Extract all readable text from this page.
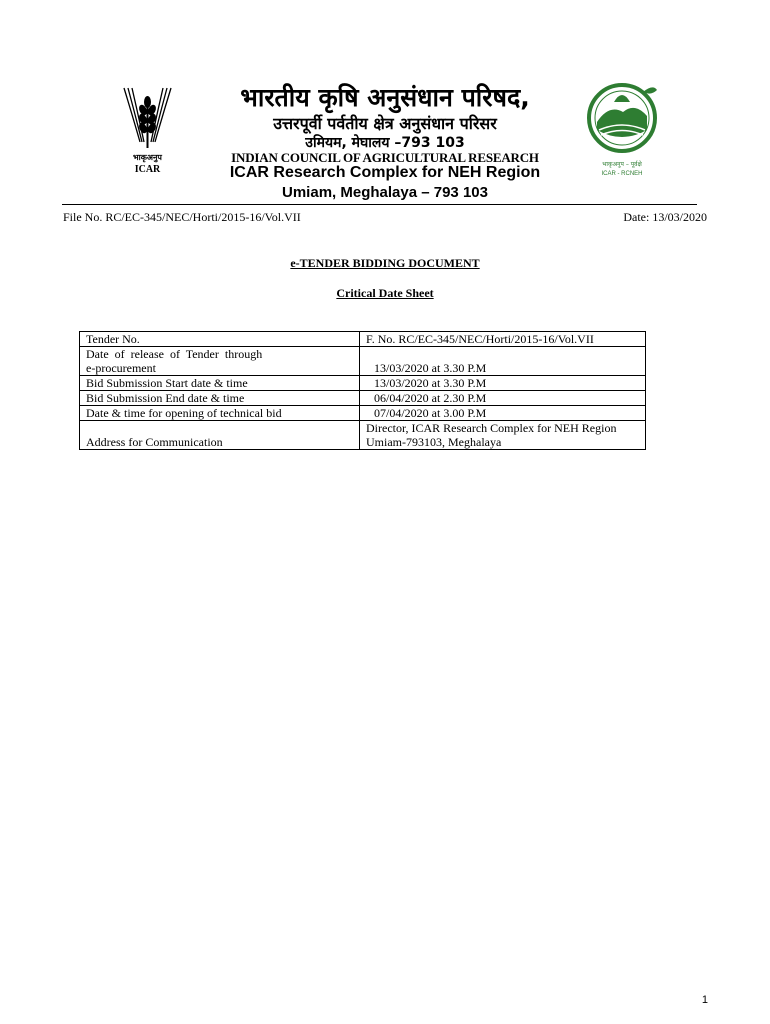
भाकृअनुप
ICAR	भाकृअनुप – पूर्वक्षे
ICAR - RCNEH
भारतीय कृषि अनुसंधान परिषद,
उत्तरपूर्वी पर्वतीय क्षेत्र अनुसंधान परिसर
उमियम, मेघालय –793 103
INDIAN COUNCIL OF AGRICULTURAL RESEARCH
ICAR Research Complex for NEH Region
Umiam, Meghalaya – 793 103
File No. RC/EC-345/NEC/Horti/2015-16/Vol.VII	Date: 13/03/2020
e-TENDER BIDDING DOCUMENT
Critical Date Sheet
Tender No.	F. No. RC/EC-345/NEC/Horti/2015-16/Vol.VII

Date  of  release  of  Tender  through
e-procurement	13/03/2020 at 3.30 P.M
Bid Submission Start date & time	13/03/2020 at 3.30 P.M
Bid Submission End date & time	06/04/2020 at 2.30 P.M
Date & time for opening of technical bid	07/04/2020 at 3.00 P.M
Address for Communication	Director, ICAR Research Complex for NEH Region
Umiam-793103, Meghalaya
1
